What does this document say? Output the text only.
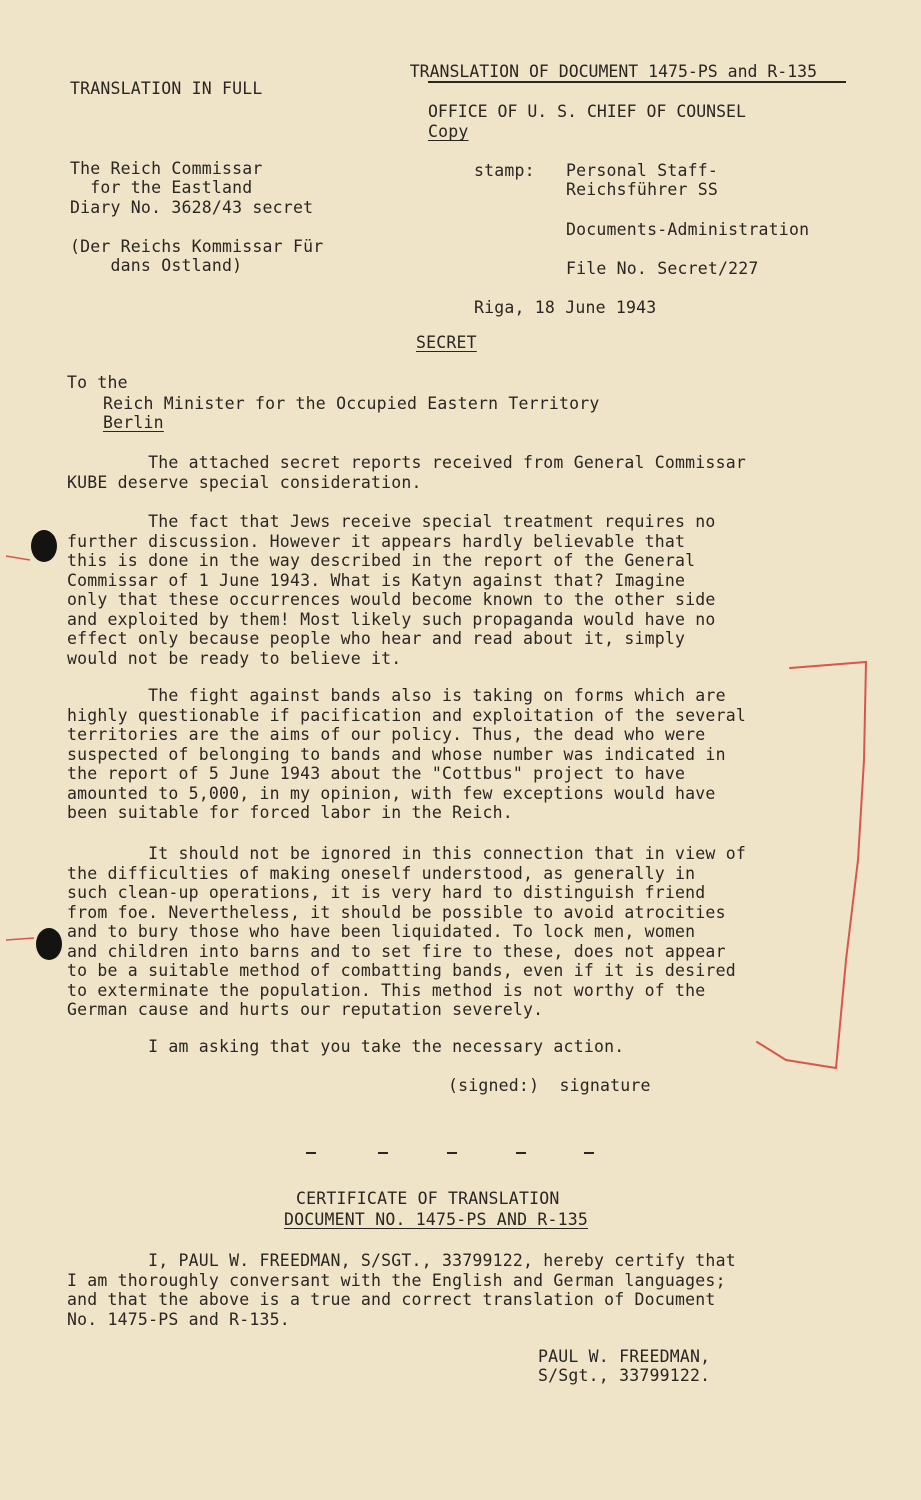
TRANSLATION OF DOCUMENT 1475-PS and R-135

OFFICE OF U. S. CHIEF OF COUNSEL

TRANSLATION IN FULL
Copy
The Reich Commissar
for the Eastland
Diary No. 3628/43 secret
(Der Reichs Kommissar Für
dans Ostland)
stamp: Personal Staff-
Reichsführer SS
Documents-Administration
File No. Secret/227
Riga, 18 June 1943
SECRET
To the
Reich Minister for the Occupied Eastern Territory
Berlin
The attached secret reports received from General Commissar
KUBE deserve special consideration.
The fact that Jews receive special treatment requires no
further discussion. However it appears hardly believable that
this is done in the way described in the report of the General
Commissar of 1 June 1943. What is Katyn against that? Imagine
only that these occurrences would become known to the other side
and exploited by them! Most likely such propaganda would have no
effect only because people who hear and read about it, simply
would not be ready to believe it.
The fight against bands also is taking on forms which are
highly questionable if pacification and exploitation of the several
territories are the aims of our policy. Thus, the dead who were
suspected of belonging to bands and whose number was indicated in
the report of 5 June 1943 about the "Cottbus" project to have
amounted to 5,000, in my opinion, with few exceptions would have
been suitable for forced labor in the Reich.
It should not be ignored in this connection that in view of
the difficulties of making oneself understood, as generally in
such clean-up operations, it is very hard to distinguish friend
from foe. Nevertheless, it should be possible to avoid atrocities
and to bury those who have been liquidated. To lock men, women
and children into barns and to set fire to these, does not appear
to be a suitable method of combatting bands, even if it is desired
to exterminate the population. This method is not worthy of the
German cause and hurts our reputation severely.
I am asking that you take the necessary action.
(signed:)  signature
CERTIFICATE OF TRANSLATION
DOCUMENT NO. 1475-PS AND R-135
I, PAUL W. FREEDMAN, S/SGT., 33799122, hereby certify that
I am thoroughly conversant with the English and German languages;
and that the above is a true and correct translation of Document
No. 1475-PS and R-135.
PAUL W. FREEDMAN,
S/Sgt., 33799122.
